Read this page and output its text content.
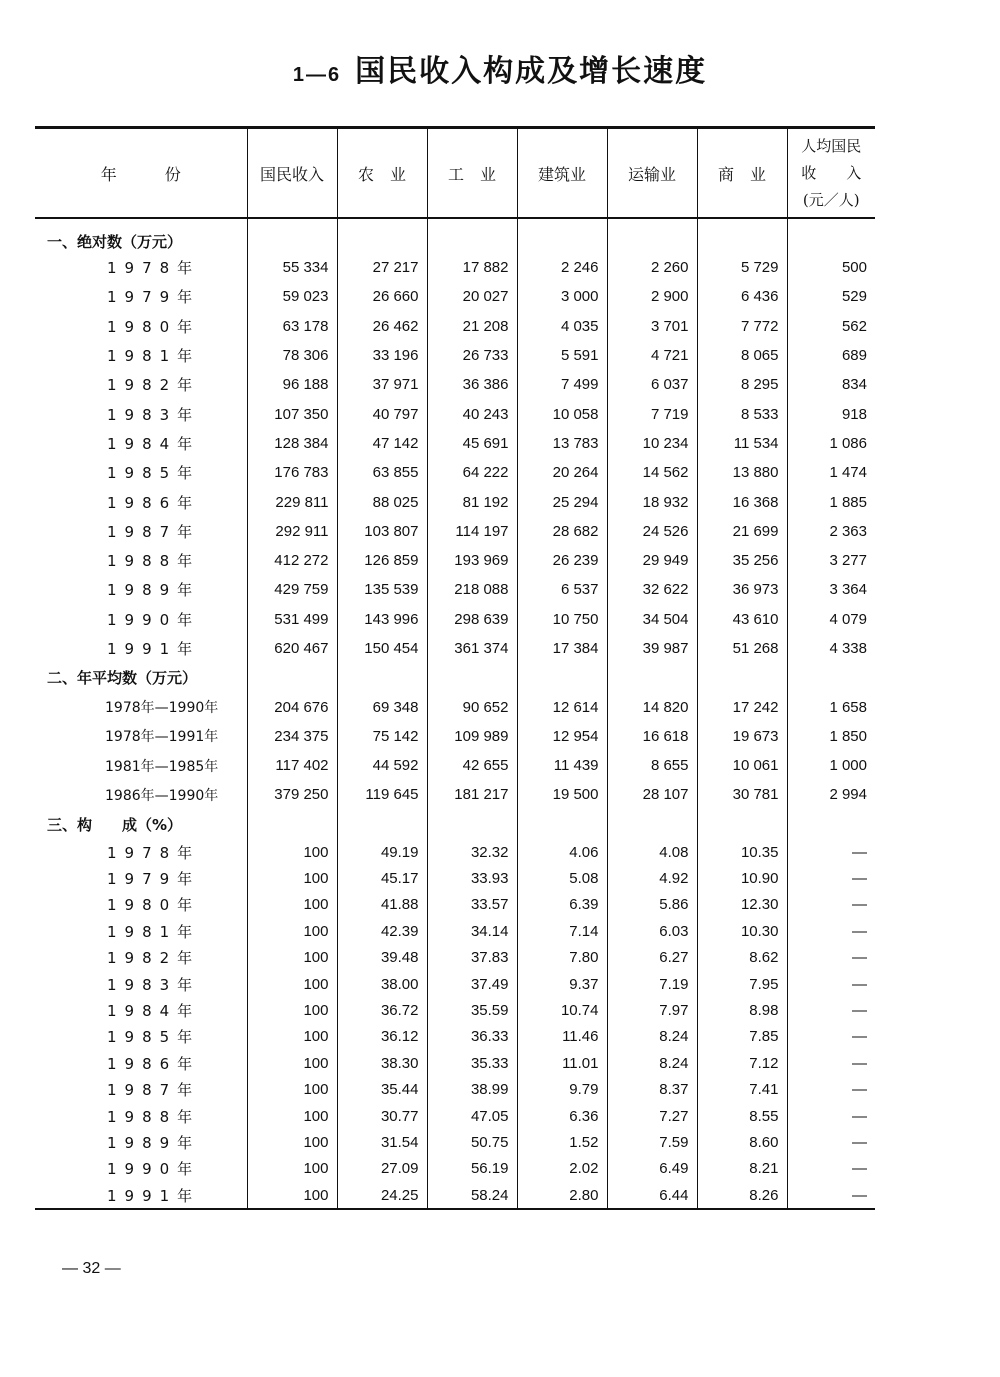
1—6 国民收入构成及增长速度
年　　　份	国民收入	农　业	工　业	建筑业	运输业	商　业	人均国民
收　　入
(元／人)

一、绝对数（万元）							
1978年	55 334	27 217	17 882	2 246	2 260	5 729	500
1979年	59 023	26 660	20 027	3 000	2 900	6 436	529
1980年	63 178	26 462	21 208	4 035	3 701	7 772	562
1981年	78 306	33 196	26 733	5 591	4 721	8 065	689
1982年	96 188	37 971	36 386	7 499	6 037	8 295	834
1983年	107 350	40 797	40 243	10 058	7 719	8 533	918
1984年	128 384	47 142	45 691	13 783	10 234	11 534	1 086
1985年	176 783	63 855	64 222	20 264	14 562	13 880	1 474
1986年	229 811	88 025	81 192	25 294	18 932	16 368	1 885
1987年	292 911	103 807	114 197	28 682	24 526	21 699	2 363
1988年	412 272	126 859	193 969	26 239	29 949	35 256	3 277
1989年	429 759	135 539	218 088	6 537	32 622	36 973	3 364
1990年	531 499	143 996	298 639	10 750	34 504	43 610	4 079
1991年	620 467	150 454	361 374	17 384	39 987	51 268	4 338
二、年平均数（万元）							
1978年—1990年	204 676	69 348	90 652	12 614	14 820	17 242	1 658
1978年—1991年	234 375	75 142	109 989	12 954	16 618	19 673	1 850
1981年—1985年	117 402	44 592	42 655	11 439	8 655	10 061	1 000
1986年—1990年	379 250	119 645	181 217	19 500	28 107	30 781	2 994
三、构　　成（%）							
1978年	100	49.19	32.32	4.06	4.08	10.35	—
1979年	100	45.17	33.93	5.08	4.92	10.90	—
1980年	100	41.88	33.57	6.39	5.86	12.30	—
1981年	100	42.39	34.14	7.14	6.03	10.30	—
1982年	100	39.48	37.83	7.80	6.27	8.62	—
1983年	100	38.00	37.49	9.37	7.19	7.95	—
1984年	100	36.72	35.59	10.74	7.97	8.98	—
1985年	100	36.12	36.33	11.46	8.24	7.85	—
1986年	100	38.30	35.33	11.01	8.24	7.12	—
1987年	100	35.44	38.99	9.79	8.37	7.41	—
1988年	100	30.77	47.05	6.36	7.27	8.55	—
1989年	100	31.54	50.75	1.52	7.59	8.60	—
1990年	100	27.09	56.19	2.02	6.49	8.21	—
1991年	100	24.25	58.24	2.80	6.44	8.26	—
— 32 —
